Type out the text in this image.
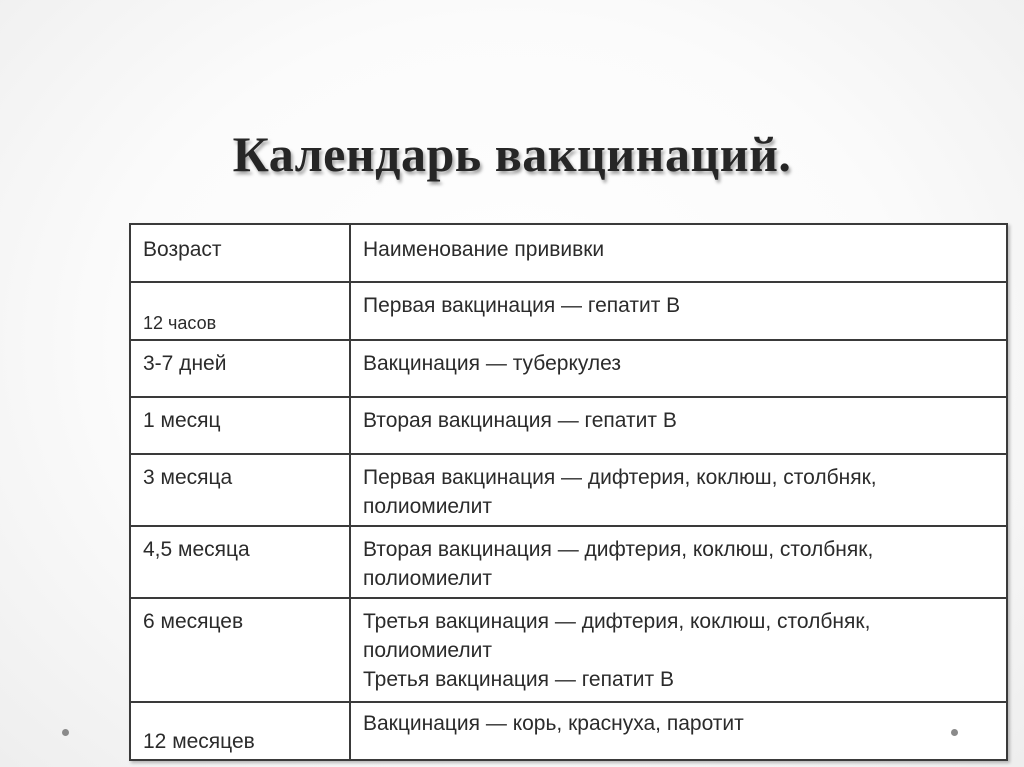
Календарь вакцинаций.
Возраст	Наименование прививки
12 часов	Первая вакцинация — гепатит B

3-7 дней	Вакцинация — туберкулез

1 месяц	Вторая вакцинация — гепатит B

3 месяца	Первая вакцинация — дифтерия, коклюш, столбняк,
полиомиелит

4,5 месяца	Вторая вакцинация — дифтерия, коклюш, столбняк,
полиомиелит

6 месяцев	Третья вакцинация — дифтерия, коклюш, столбняк,
полиомиелит
Третья вакцинация — гепатит B

12 месяцев	Вакцинация — корь, краснуха, паротит
